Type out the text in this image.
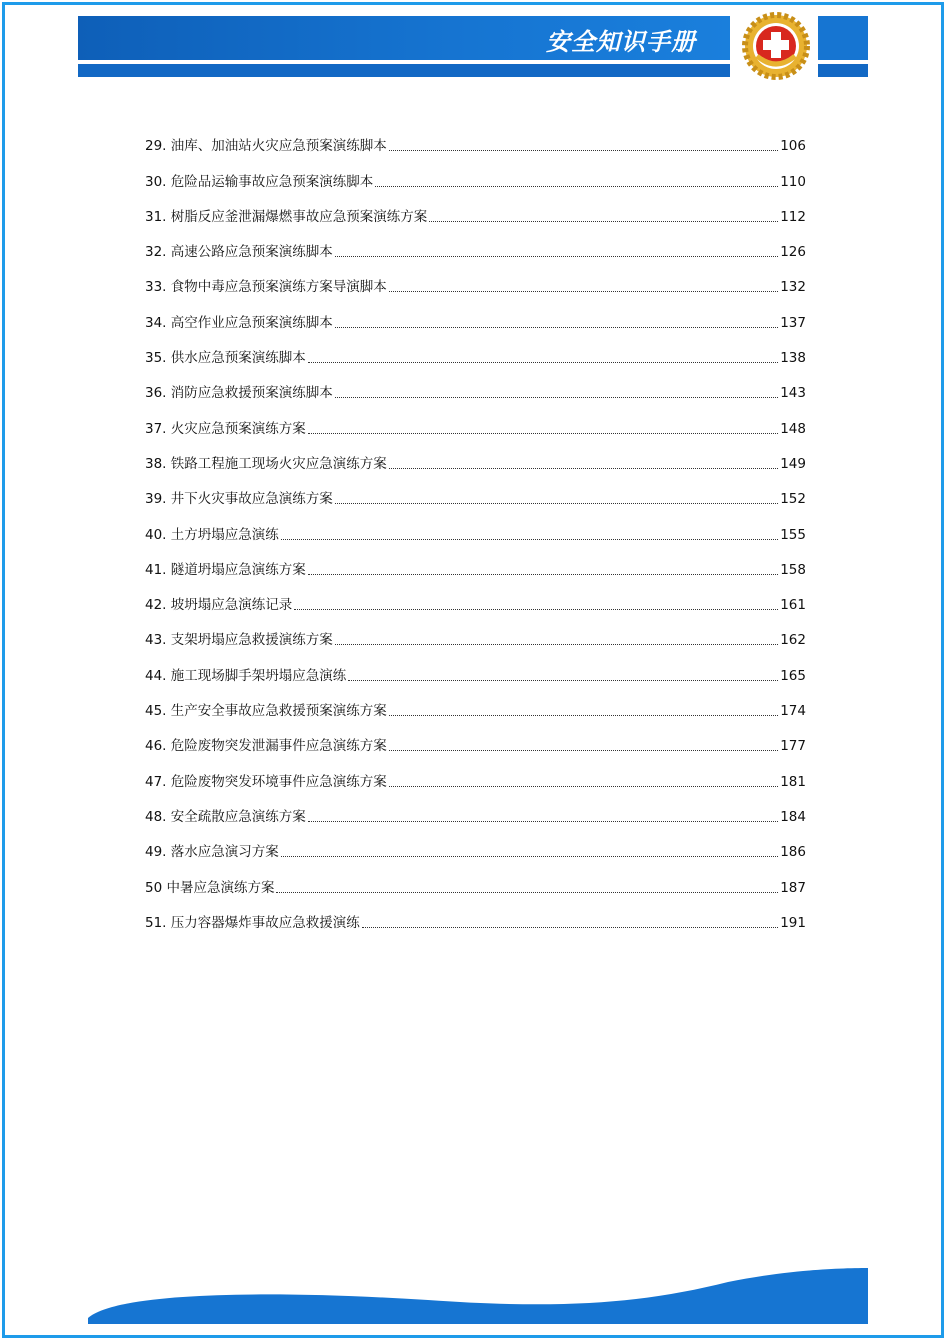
安全知识手册
29. 油库、加油站火灾应急预案演练脚本	106
30. 危险品运输事故应急预案演练脚本	110
31. 树脂反应釜泄漏爆燃事故应急预案演练方案	112
32. 高速公路应急预案演练脚本	126
33. 食物中毒应急预案演练方案导演脚本	132
34. 高空作业应急预案演练脚本	137
35. 供水应急预案演练脚本	138
36. 消防应急救援预案演练脚本	143
37. 火灾应急预案演练方案	148
38. 铁路工程施工现场火灾应急演练方案	149
39. 井下火灾事故应急演练方案	152
40. 土方坍塌应急演练	155
41. 隧道坍塌应急演练方案	158
42. 坡坍塌应急演练记录	161
43. 支架坍塌应急救援演练方案	162
44. 施工现场脚手架坍塌应急演练	165
45. 生产安全事故应急救援预案演练方案	174
46. 危险废物突发泄漏事件应急演练方案	177
47. 危险废物突发环境事件应急演练方案	181
48. 安全疏散应急演练方案	184
49. 落水应急演习方案	186
50 中暑应急演练方案	187
51. 压力容器爆炸事故应急救援演练	191
